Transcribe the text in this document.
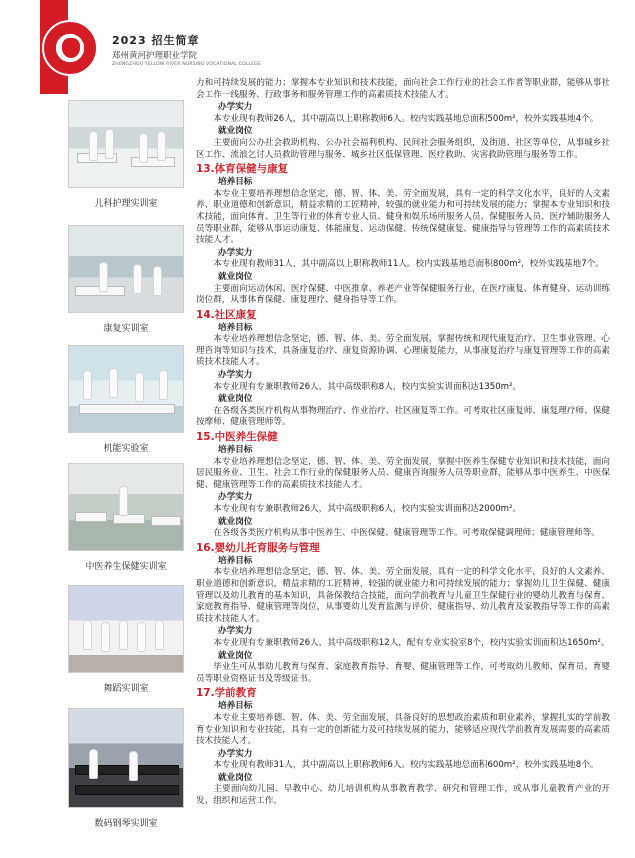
2023 招生简章
郑州黄河护理职业学院
ZHENGZHOU YELLOW RIVER NURSING VOCATIONAL COLLEGE
儿科护理实训室
康复实训室
机能实验室
中医养生保健实训室
舞蹈实训室
数码钢琴实训室
力和可持续发展的能力；掌握本专业知识和技术技能，面向社会工作行业的社会工作者等职业群，能够从事社会工作一线服务、行政事务和服务管理工作的高素质技术技能人才。
办学实力
本专业现有教师26人，其中副高以上职称教师6人。校内实践基地总面积500m²，校外实践基地4个。
就业岗位
主要面向公办社会救助机构、公办社会福利机构、民间社会服务组织，及街道、社区等单位，从事城乡社区工作、流浪乞讨人员救助管理与服务、城乡社区低保管理、医疗救助、灾害救助管理与服务等工作。
13.体育保健与康复
培养目标
本专业主要培养理想信念坚定，德、智、体、美、劳全面发展，具有一定的科学文化水平，良好的人文素养、职业道德和创新意识，精益求精的工匠精神，较强的就业能力和可持续发展的能力；掌握本专业知识和技术技能，面向体育、卫生等行业的体育专业人员、健身和娱乐场所服务人员、保健服务人员、医疗辅助服务人员等职业群，能够从事运动康复、体能康复、运动保健、传统保健康复、健康指导与管理等工作的高素质技术技能人才。
办学实力
本专业现有教师31人，其中副高以上职称教师11人。校内实践基地总面积800m²，校外实践基地7个。
就业岗位
主要面向运动休闲、医疗保健、中医推拿、养老产业等保健服务行业，在医疗康复、体育健身、运动训练岗位群，从事体育保健、康复理疗、健身指导等工作。
14.社区康复
培养目标
本专业培养理想信念坚定，德、智、体、美、劳全面发展，掌握传统和现代康复治疗、卫生事业管理、心理咨询等知识与技术，具备康复治疗、康复资源协调、心理康复能力，从事康复治疗与康复管理等工作的高素质技术技能人才。
办学实力
本专业现有专兼职教师26人，其中高级职称8人，校内实验实训面积达1350m²。
就业岗位
在各级各类医疗机构从事物理治疗、作业治疗、社区康复等工作。可考取社区康复师、康复理疗师、保健按摩师、健康管理师等。
15.中医养生保健
培养目标
本专业培养理想信念坚定，德、智、体、美、劳全面发展，掌握中医养生保健专业知识和技术技能，面向居民服务业、卫生、社会工作行业的保健服务人员、健康咨询服务人员等职业群，能够从事中医养生、中医保健、健康管理等工作的高素质技术技能人才。
办学实力
本专业现有专兼职教师26人，其中高级职称6人，校内实验实训面积达2000m²。
就业岗位
在各级各类医疗机构从事中医养生、中医保健、健康管理等工作。可考取保健调理师；健康管理师等。
16.婴幼儿托育服务与管理
培养目标
本专业培养理想信念坚定，德、智、体、美、劳全面发展，具有一定的科学文化水平，良好的人文素养、职业道德和创新意识，精益求精的工匠精神，较强的就业能力和可持续发展的能力；掌握幼儿卫生保健、健康管理以及幼儿教育的基本知识，具备保教结合技能，面向学前教育与儿童卫生保健行业的婴幼儿教育与保育、家庭教育指导、健康管理等岗位，从事婴幼儿发育监测与评价、健康指导、幼儿教育及家教指导等工作的高素质技术技能人才。
办学实力
本专业现有专兼职教师26人，其中高级职称12人，配有专业实验室8个，校内实验实训面积达1650m²。
就业岗位
毕业生可从事幼儿教育与保育、家庭教育指导、育婴、健康管理等工作，可考取幼儿教师、保育员、育婴员等职业资格证书及等级证书。
17.学前教育
培养目标
本专业主要培养德、智、体、美、劳全面发展，具备良好的思想政治素质和职业素养，掌握扎实的学前教育专业知识和专业技能，具有一定的创新能力及可持续发展的能力，能够适应现代学前教育发展需要的高素质技术技能人才。
办学实力
本专业现有教师31人，其中副高以上职称教师6人。校内实践基地总面积600m²，校外实践基地8个。
就业岗位
主要面向幼儿园、早教中心、幼儿培训机构从事教育教学、研究和管理工作，或从事儿童教育产业的开发、组织和运营工作。
